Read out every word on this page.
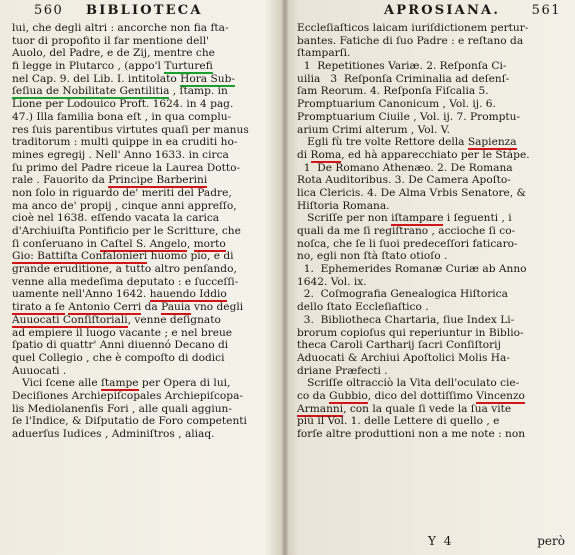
560 BIBLIOTECA
lui, che degli altri : ancorche non fia fta-
tuor di propofito il far mentione dell'
Auolo, del Padre, e de Zij, mentre che
fi legge in Plutarco , (appo'l Turturefi
nel Cap. 9. del Lib. I. intitolato Hora Sub-
ſeſiua de Nobilitate Gentilitia , ſtamp. in
Lione per Lodouico Proft. 1624. in 4 pag.
47.) Illa familia bona eſt , in qua complu-
res ſuis parentibus virtutes quaſi per manus
traditorum : multi quippe in ea cruditi ho-
mines egregij . Nell' Anno 1633. in circa
ſu primo del Padre riceue la Laurea Dotto-
rale . Fauorito da Principe Barberini
non ſolo in riguardo de' meriti del Padre,
ma anco de' propij , cinque anni appreſſo,
cioè nel 1638. eſſendo vacata la carica
d'Archiuiſta Pontificio per le Scritture, che
ſi conſeruano in Caſtel S. Angelo, morto
Gio: Battiſta Confalonieri huomo pio, e di
grande eruditione, a tutto altro penſando,
venne alla medeſima deputato : e ſucceſſi-
uamente nell'Anno 1642. hauendo Iddio
tirato a ſe Antonio Cerri da Pauia vno degli
Auuocati Conſiſtoriali, venne deſignato
ad empiere il luogo vacante ; e nel breue
ſpatio di quattr' Anni diuennó Decano di
quel Collegio , che è compoſto di dodici
Auuocati .
Vici ſcene alle ſtampe per Opera di lui,
Deciſiones Archiepiſcopales Archiepiſcopa-
lis Mediolanenſis Fori , alle quali aggiun-
ſe l'Indice, & Diſputatio de Foro competenti
aduerſus Iudices , Adminiſtros , aliaq.
APROSIANA. 561
Eccleſiaſticos laicam iuriſdictionem pertur-
bantes. Fatiche di ſuo Padre : e reſtano da
ſtamparſi.
1  Repetitiones Variæ. 2. Reſponſa Ci-
uilia   3  Reſponſa Criminalia ad deſenſ-
ſam Reorum. 4. Reſponſa Fiſcalia 5.
Promptuarium Canonicum , Vol. ij. 6.
Promptuarium Ciuile , Vol. ij. 7. Promptu-
arium Crimi alterum , Vol. V.
Egli fù tre volte Rettore della Sapienza
di Roma, ed hà apparecchiato per le Stápe.
1  De Romano Athenæo. 2. De Romana
Rota Auditoribus. 3. De Camera Apoſto-
lica Clericis. 4. De Alma Vrbis Senatore, &
Hiſtoria Romana.
Scriſſe per non iſtampare i ſeguenti , i
quali da me ſi regiſtrano , accioche ſi co-
noſca, che ſe li ſuoi predeceſſori faticaro-
no, egli non ſtà ſtato otioſo .
1.  Ephemerides Romanæ Curiæ ab Anno
1642. Vol. ix.
2.  Coſmografia Genealogica Hiſtorica
dello ſtato Eccleſiaſtico .
3.  Bibliotheca Chartaria, ſiue Index Li-
brorum copioſus qui reperiuntur in Biblio-
theca Caroli Cartharij ſacri Conſiſtorij
Aduocati & Archiui Apoſtolici Molis Ha-
driane Præfecti .
Scriſſe oltracciò la Vita dell'oculato cie-
co da Gubbio, dico del dottiſſimo Vincenzo
Armanni, con la quale ſi vede la ſua vite
più il Vol. 1. delle Lettere di quello , e
forſe altre produttioni non a me note : non
Y 4	però
